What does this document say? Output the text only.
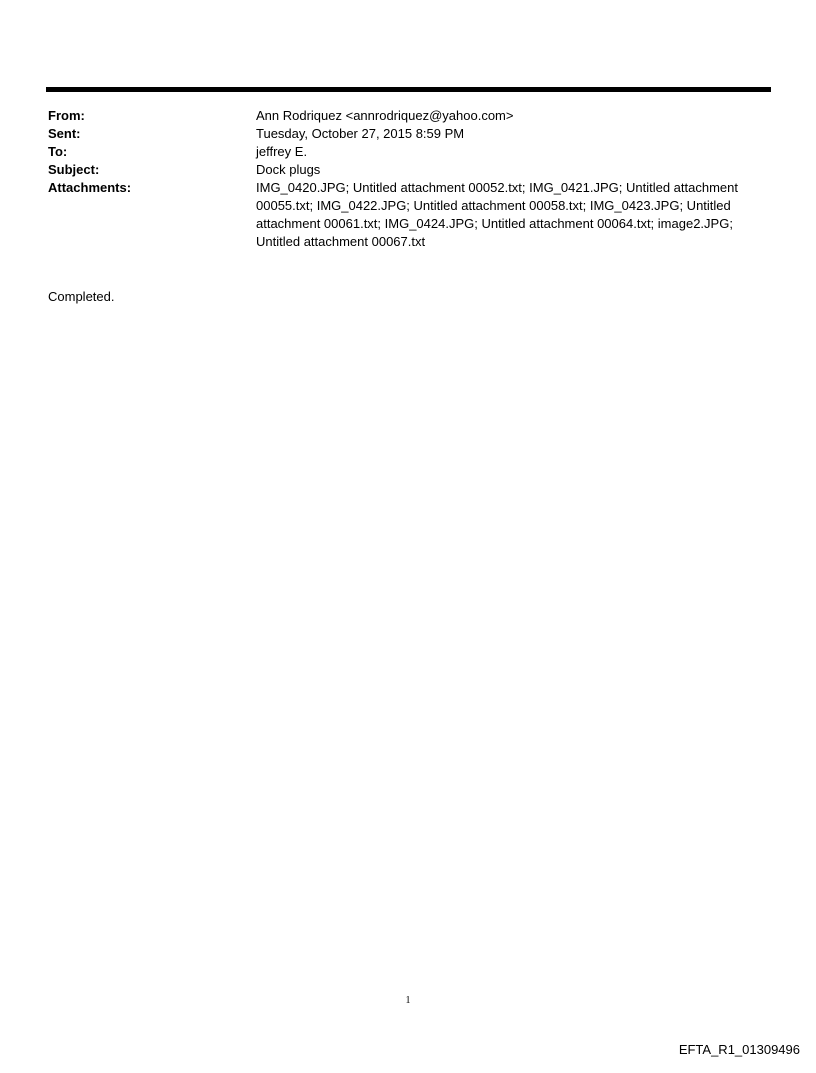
From:	Ann Rodriquez <annrodriquez@yahoo.com>
Sent:	Tuesday, October 27, 2015 8:59 PM
To:	jeffrey E.
Subject:	Dock plugs
Attachments:	IMG_0420.JPG; Untitled attachment 00052.txt; IMG_0421.JPG; Untitled attachment 00055.txt; IMG_0422.JPG; Untitled attachment 00058.txt; IMG_0423.JPG; Untitled attachment 00061.txt; IMG_0424.JPG; Untitled attachment 00064.txt; image2.JPG; Untitled attachment 00067.txt
Completed.
1
EFTA_R1_01309496
